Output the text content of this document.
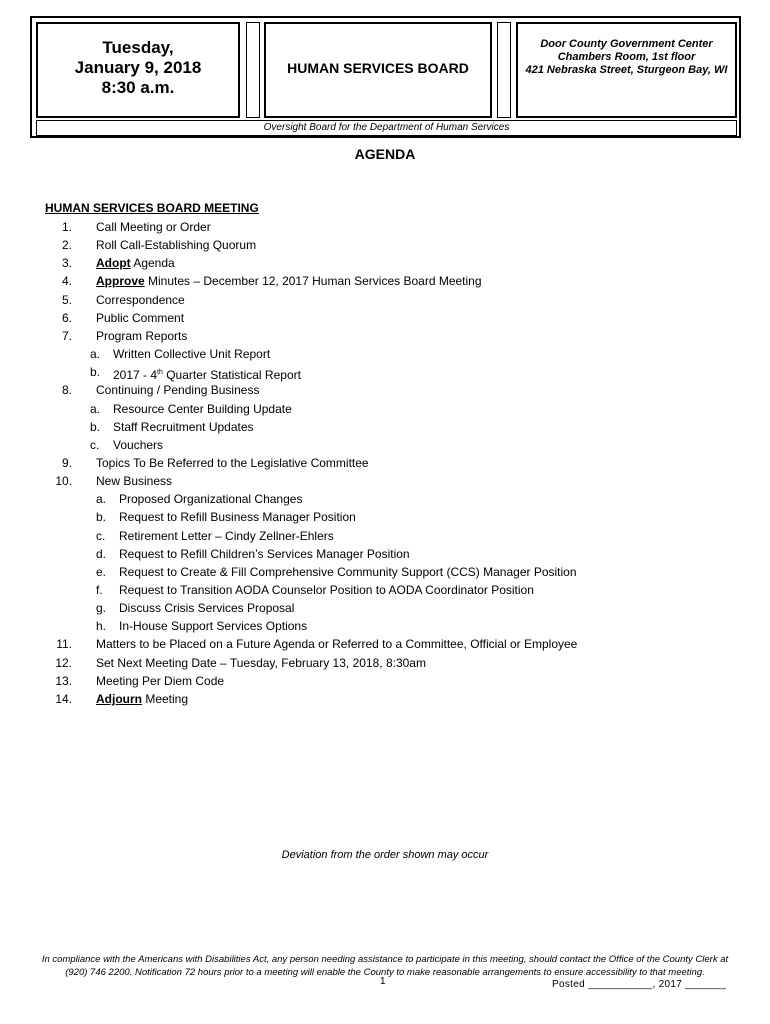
Tuesday,
January 9, 2018
8:30 a.m.
HUMAN SERVICES BOARD
Door County Government Center
Chambers Room, 1st floor
421 Nebraska Street, Sturgeon Bay, WI
Oversight Board for the Department of Human Services
AGENDA
HUMAN SERVICES BOARD MEETING
1. Call Meeting or Order
2. Roll Call-Establishing Quorum
3. Adopt Agenda
4. Approve Minutes – December 12, 2017 Human Services Board Meeting
5. Correspondence
6. Public Comment
7. Program Reports
a. Written Collective Unit Report
b. 2017 - 4th Quarter Statistical Report
8. Continuing / Pending Business
a. Resource Center Building Update
b. Staff Recruitment Updates
c. Vouchers
9. Topics To Be Referred to the Legislative Committee
10. New Business
a. Proposed Organizational Changes
b. Request to Refill Business Manager Position
c. Retirement Letter – Cindy Zellner-Ehlers
d. Request to Refill Children’s Services Manager Position
e. Request to Create & Fill Comprehensive Community Support (CCS) Manager Position
f. Request to Transition AODA Counselor Position to AODA Coordinator Position
g. Discuss Crisis Services Proposal
h. In-House Support Services Options
11. Matters to be Placed on a Future Agenda or Referred to a Committee, Official or Employee
12. Set Next Meeting Date – Tuesday, February 13, 2018, 8:30am
13. Meeting Per Diem Code
14. Adjourn Meeting
Deviation from the order shown may occur
In compliance with the Americans with Disabilities Act, any person needing assistance to participate in this meeting, should contact the Office of the County Clerk at (920) 746 2200. Notification 72 hours prior to a meeting will enable the County to make reasonable arrangements to ensure accessibility to that meeting.
1	Posted ___________, 2017 _______
